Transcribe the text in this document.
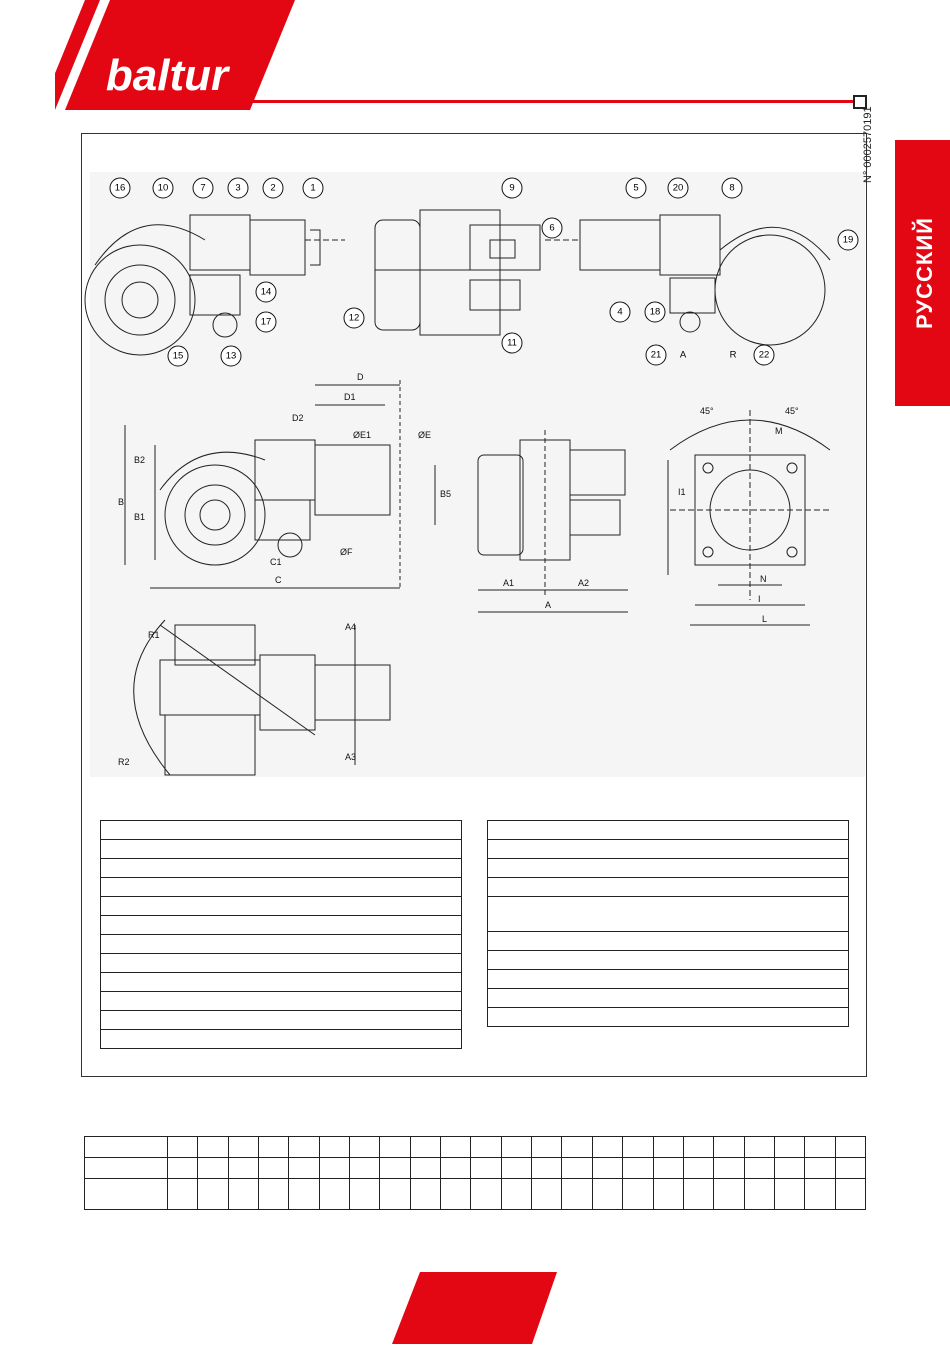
baltur
РУССКИЙ
N° 0002570191
D
D1
D2
ØE1	ØE
B
B1
B2
B5
C1
C
ØF
A1	A2
A
45°	45°
M
I1
N
I
L
R1
R2
A4
A3
16	10	7	3	2	1	9
6
12
11
14
17
15	13
5	20	8
19
4	18
21	22
A	R
